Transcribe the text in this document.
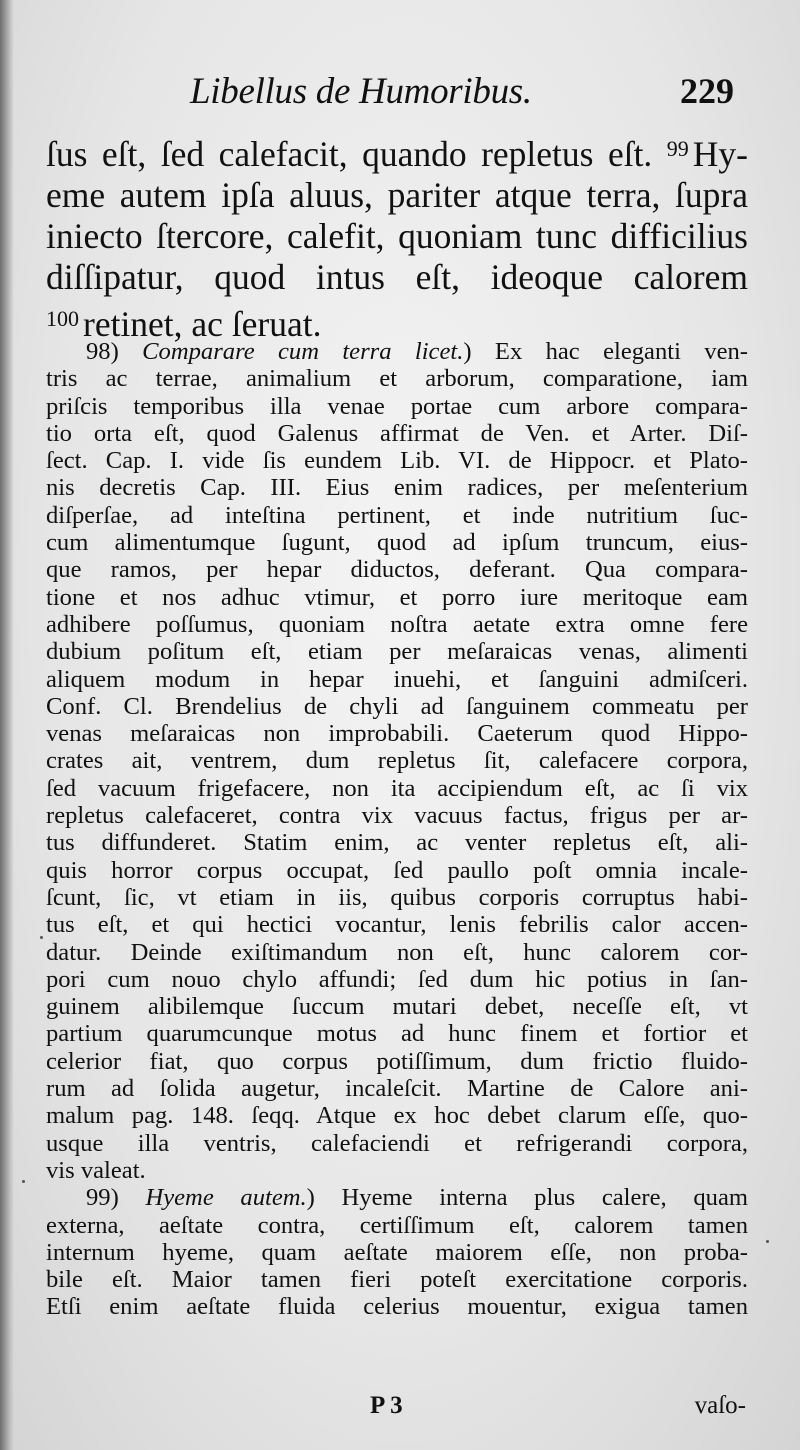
Libellus de Humoribus.	229
ſus eſt, ſed calefacit, quando repletus eſt. $^{99}$ Hy-
eme autem ipſa aluus, pariter atque terra, ſupra
iniecto ſtercore, calefit, quoniam tunc difficilius
diſſipatur, quod intus eſt, ideoque calorem
$^{100}$ retinet, ac ſeruat.
98) Comparare cum terra licet.) Ex hac eleganti ven-
tris ac terrae, animalium et arborum, comparatione, iam
priſcis temporibus illa venae portae cum arbore compara-
tio orta eſt, quod Galenus affirmat de Ven. et Arter. Diſ-
ſect. Cap. I. vide ſis eundem Lib. VI. de Hippocr. et Plato-
nis decretis Cap. III. Eius enim radices, per meſenterium
diſperſae, ad inteſtina pertinent, et inde nutritium ſuc-
cum alimentumque ſugunt, quod ad ipſum truncum, eius-
que ramos, per hepar diductos, deferant. Qua compara-
tione et nos adhuc vtimur, et porro iure meritoque eam
adhibere poſſumus, quoniam noſtra aetate extra omne fere
dubium poſitum eſt, etiam per meſaraicas venas, alimenti
aliquem modum in hepar inuehi, et ſanguini admiſceri.
Conf. Cl. Brendelius de chyli ad ſanguinem commeatu per
venas meſaraicas non improbabili. Caeterum quod Hippo-
crates ait, ventrem, dum repletus ſit, calefacere corpora,
ſed vacuum frigefacere, non ita accipiendum eſt, ac ſi vix
repletus calefaceret, contra vix vacuus factus, frigus per ar-
tus diffunderet. Statim enim, ac venter repletus eſt, ali-
quis horror corpus occupat, ſed paullo poſt omnia incale-
ſcunt, ſic, vt etiam in iis, quibus corporis corruptus habi-
tus eſt, et qui hectici vocantur, lenis febrilis calor accen-
datur. Deinde exiſtimandum non eſt, hunc calorem cor-
pori cum nouo chylo affundi; ſed dum hic potius in ſan-
guinem alibilemque ſuccum mutari debet, neceſſe eſt, vt
partium quarumcunque motus ad hunc finem et fortior et
celerior fiat, quo corpus potiſſimum, dum frictio fluido-
rum ad ſolida augetur, incaleſcit. Martine de Calore ani-
malum pag. 148. ſeqq. Atque ex hoc debet clarum eſſe, quo-
usque illa ventris, calefaciendi et refrigerandi corpora,
vis valeat.
99) Hyeme autem.) Hyeme interna plus calere, quam
externa, aeſtate contra, certiſſimum eſt, calorem tamen
internum hyeme, quam aeſtate maiorem eſſe, non proba-
bile eſt. Maior tamen fieri poteſt exercitatione corporis.
Etſi enim aeſtate fluida celerius mouentur, exigua tamen
P 3	vaſo-
